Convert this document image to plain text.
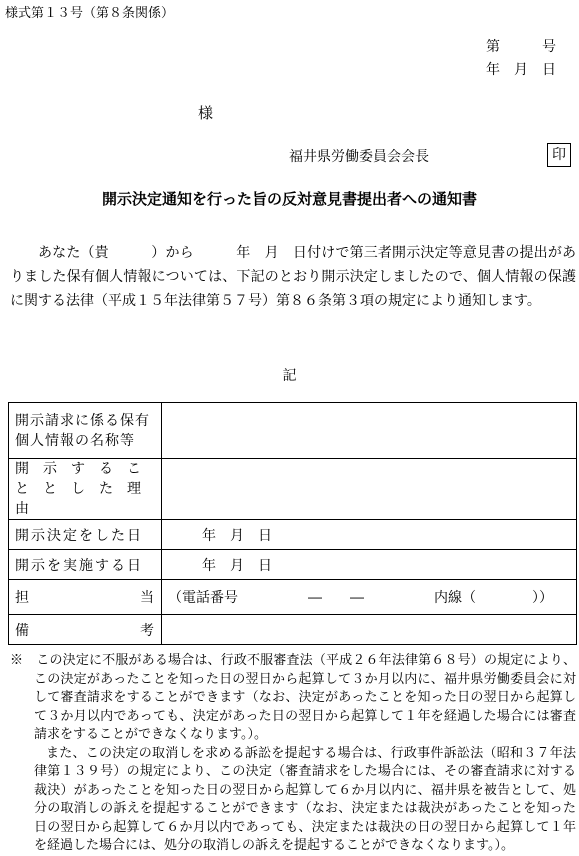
様式第１３号（第８条関係）
第　　　号
年　月　日
様
福井県労働委員会会長	印
開示決定通知を行った旨の反対意見書提出者への通知書
あなた（貴　　　）から　　　年　月　日付けで第三者開示決定等意見書の提出がありました保有個人情報については、下記のとおり開示決定しましたので、個人情報の保護に関する法律（平成１５年法律第５７号）第８６条第３項の規定により通知します。
記
開示請求に係る保有個人情報の名称等	
開示することとした理由	
開示決定をした日	年　月　日
開示を実施する日	年　月　日

担 当	（電話番号　　　　　―　　―　　　　　内線（　　　　））

備 考	

※　 この決定に不服がある場合は、行政不服審査法（平成２６年法律第６８号）の規定により、この決定があったことを知った日の翌日から起算して３か月以内に、福井県労働委員会に対して審査請求をすることができます（なお、決定があったことを知った日の翌日から起算して３か月以内であっても、決定があった日の翌日から起算して１年を経過した場合には審査請求をすることができなくなります。）。

また、この決定の取消しを求める訴訟を提起する場合は、行政事件訴訟法（昭和３７年法律第１３９号）の規定により、この決定（審査請求をした場合には、その審査請求に対する裁決）があったことを知った日の翌日から起算して６か月以内に、福井県を被告として、処分の取消しの訴えを提起することができます（なお、決定または裁決があったことを知った日の翌日から起算して６か月以内であっても、決定または裁決の日の翌日から起算して１年を経過した場合には、処分の取消しの訴えを提起することができなくなります。）。
